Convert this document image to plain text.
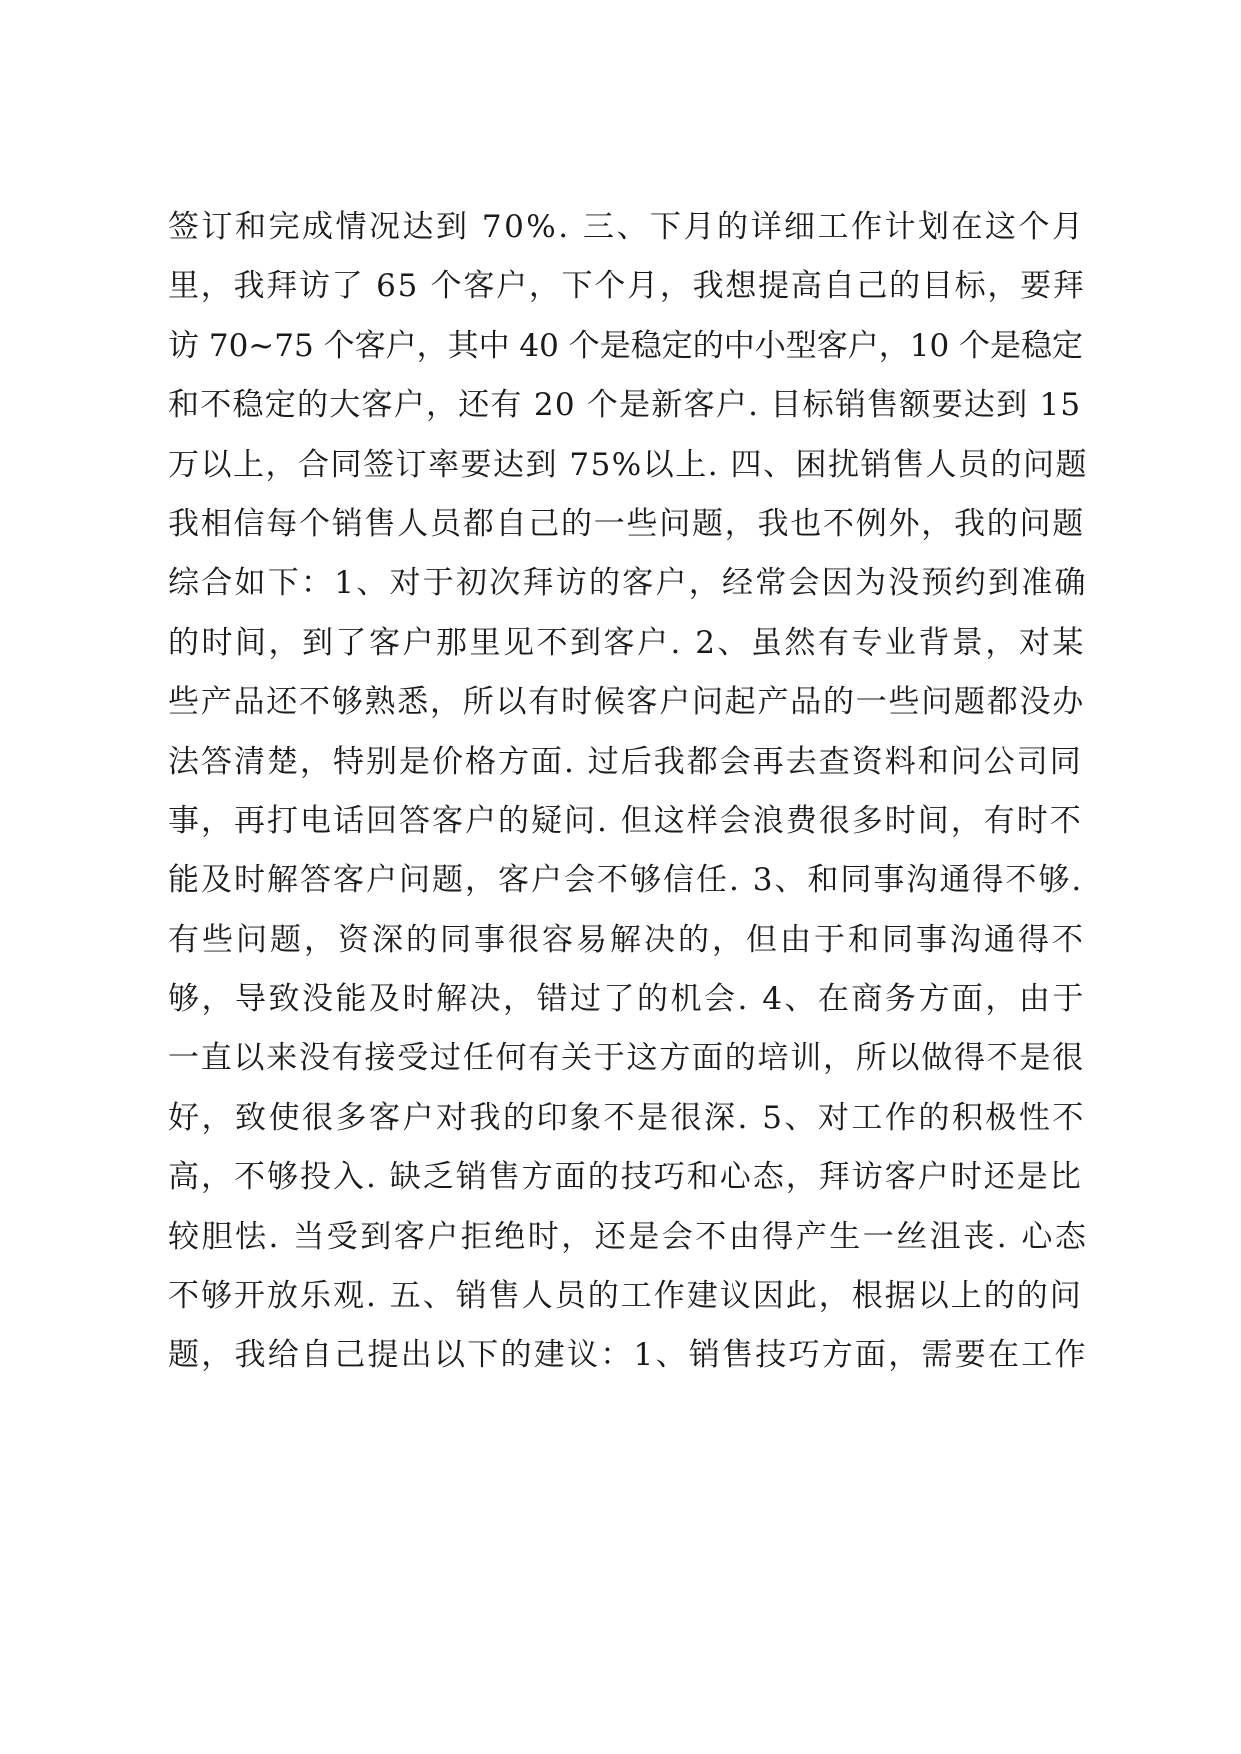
签订和完成情况达到 70%. 三、下月的详细工作计划在这个月
里，我拜访了 65 个客户，下个月，我想提高自己的目标，要拜
访 70~75 个客户，其中 40 个是稳定的中小型客户，10 个是稳定
和不稳定的大客户，还有 20 个是新客户. 目标销售额要达到 15
万以上，合同签订率要达到 75%以上. 四、困扰销售人员的问题
我相信每个销售人员都自己的一些问题，我也不例外，我的问题
综合如下：1、对于初次拜访的客户，经常会因为没预约到准确
的时间，到了客户那里见不到客户. 2、虽然有专业背景，对某
些产品还不够熟悉，所以有时候客户问起产品的一些问题都没办
法答清楚，特别是价格方面. 过后我都会再去查资料和问公司同
事，再打电话回答客户的疑问. 但这样会浪费很多时间，有时不
能及时解答客户问题，客户会不够信任. 3、和同事沟通得不够.
有些问题，资深的同事很容易解决的，但由于和同事沟通得不
够，导致没能及时解决，错过了的机会. 4、在商务方面，由于
一直以来没有接受过任何有关于这方面的培训，所以做得不是很
好，致使很多客户对我的印象不是很深. 5、对工作的积极性不
高，不够投入. 缺乏销售方面的技巧和心态，拜访客户时还是比
较胆怯. 当受到客户拒绝时，还是会不由得产生一丝沮丧. 心态
不够开放乐观. 五、销售人员的工作建议因此，根据以上的的问
题，我给自己提出以下的建议：1、销售技巧方面，需要在工作
